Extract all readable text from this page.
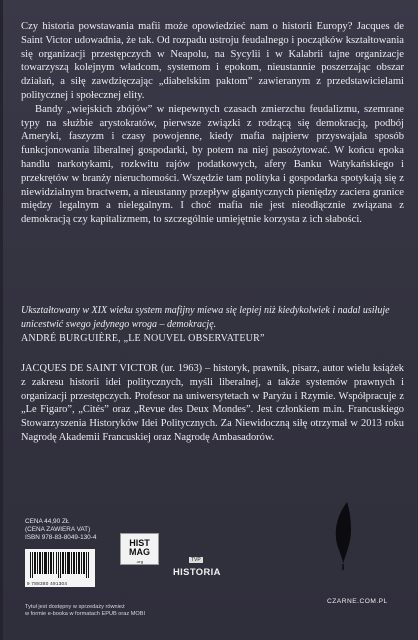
Czy historia powstawania mafii może opowiedzieć nam o historii Europy? Jacques de Saint Victor udowadnia, że tak. Od rozpadu ustroju feudalnego i początków kształtowania się organizacji przestępczych w Neapolu, na Sycylii i w Kalabrii tajne organizacje towarzyszą kolejnym władcom, systemom i epokom, nieustannie poszerzając obszar działań, a siłę zawdzięczając „diabelskim paktom” zawieranym z przedstawicielami politycznej i społecznej elity.

Bandy „wiejskich zbójów” w niepewnych czasach zmierzchu feudalizmu, szemrane typy na służbie arystokratów, pierwsze związki z rodzącą się demokracją, podbój Ameryki, faszyzm i czasy powojenne, kiedy mafia najpierw przyswajała sposób funkcjonowania liberalnej gospodarki, by potem na niej pasożytować. W końcu epoka handlu narkotykami, rozkwitu rajów podatkowych, afery Banku Watykańskiego i przekrętów w branży nieruchomości. Wszędzie tam polityka i gospodarka spotykają się z niewidzialnym bractwem, a nieustanny przepływ gigantycznych pieniędzy zaciera granice między legalnym a nielegalnym. I choć mafia nie jest nieodłącznie związana z demokracją czy kapitalizmem, to szczególnie umiejętnie korzysta z ich słabości.

Ukształtowany w XIX wieku system mafijny miewa się lepiej niż kiedykolwiek i nadal usiłuje unicestwić swego jedynego wroga – demokrację.

ANDRÉ BURGUIÈRE, „LE NOUVEL OBSERVATEUR”

JACQUES DE SAINT VICTOR (ur. 1963) – historyk, prawnik, pisarz, autor wielu książek z zakresu historii idei politycznych, myśli liberalnej, a także systemów prawnych i organizacji przestępczych. Profesor na uniwersytetach w Paryżu i Rzymie. Współpracuje z „Le Figaro”, „Cités” oraz „Revue des Deux Mondes”. Jest członkiem m.in. Francuskiego Stowarzyszenia Historyków Idei Politycznych. Za Niewidoczną siłę otrzymał w 2013 roku Nagrodę Akademii Francuskiej oraz Nagrodę Ambasadorów.

CENA 44,90 ZŁ
(CENA ZAWIERA VAT)
ISBN 978-83-8049-130-4
9 788380 491304
HIST
MAG
.org	TVP
HISTORIA
CZARNE.COM.PL
Tytuł jest dostępny w sprzedaży również
w formie e-booka w formatach EPUB oraz MOBI
